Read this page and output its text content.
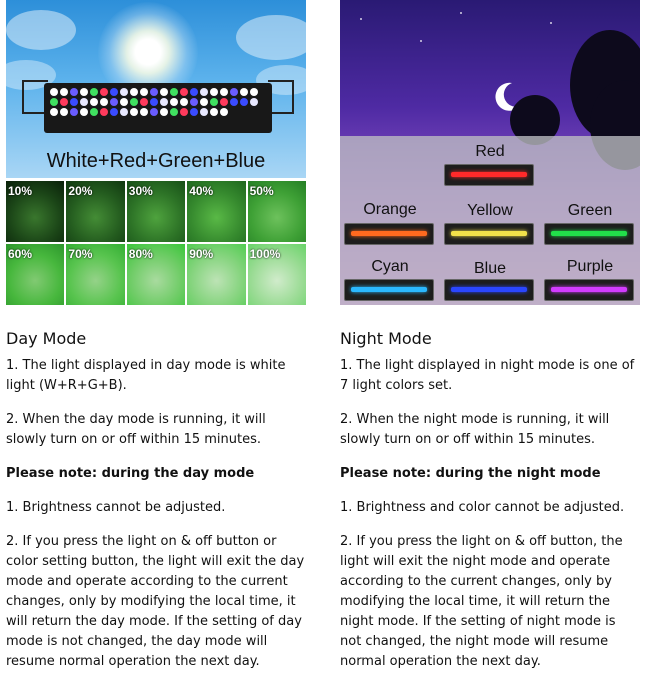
White+Red+Green+Blue
10%	20%	30%	40%	50%
60%	70%	80%	90%	100%
Day Mode
1. The light displayed in day mode is white light (W+R+G+B).
2. When the day mode is running, it will slowly turn on or off within 15 minutes.
Please note: during the day mode
1. Brightness cannot be adjusted.
2. If you press the light on & off button or color setting button, the light will exit the day mode and operate according to the current changes, only by modifying the local time, it will return the day mode. If the setting of day mode is not changed, the day mode will resume normal operation the next day.
Red
Orange	Yellow	Green
Cyan	Blue	Purple
Night Mode
1. The light displayed in night mode is one of 7 light colors set.
2. When the night mode is running, it will slowly turn on or off within 15 minutes.
Please note: during the night mode
1. Brightness and color cannot be adjusted.
2. If you press the light on & off button, the light will exit the night mode and operate according to the current changes, only by modifying the local time, it will return the night mode. If the setting of night mode is not changed, the night mode will resume normal operation the next day.
